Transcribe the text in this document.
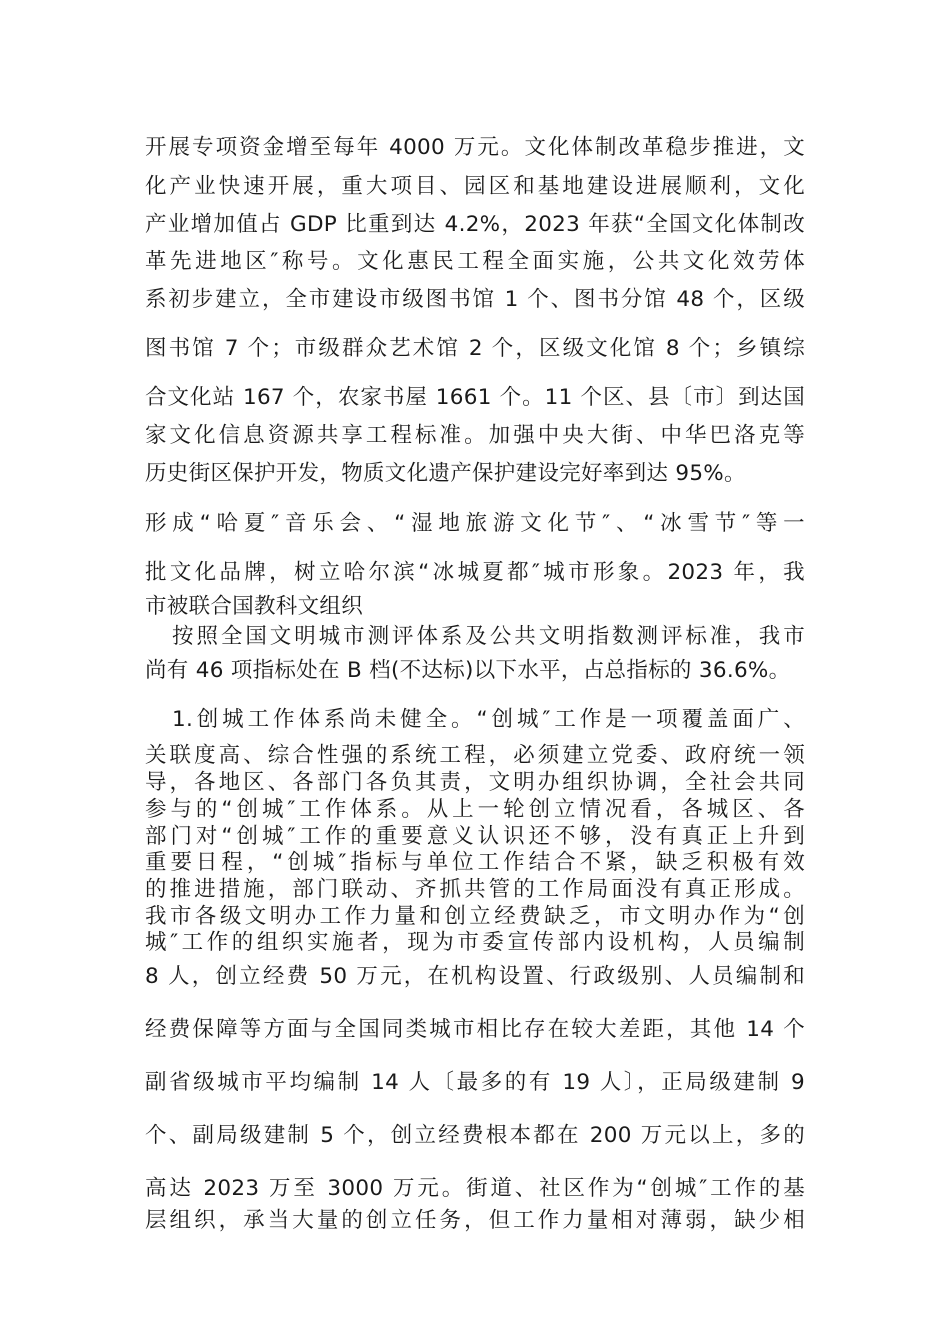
开展专项资金增至每年 4000 万元。文化体制改革稳步推进，文

化产业快速开展，重大项目、园区和基地建设进展顺利，文化

产业增加值占 GDP 比重到达 4.2%，2023 年获“全国文化体制改

革先进地区″称号。文化惠民工程全面实施，公共文化效劳体

系初步建立，全市建设市级图书馆 1 个、图书分馆 48 个，区级

图书馆 7 个；市级群众艺术馆 2 个，区级文化馆 8 个；乡镇综

合文化站 167 个，农家书屋 1661 个。11 个区、县〔市〕到达国

家文化信息资源共享工程标准。加强中央大街、中华巴洛克等

历史街区保护开发，物质文化遗产保护建设完好率到达 95%。

形成“哈夏″音乐会、“湿地旅游文化节″、“冰雪节″等一

批文化品牌，树立哈尔滨“冰城夏都″城市形象。2023 年，我

市被联合国教科文组织

按照全国文明城市测评体系及公共文明指数测评标准，我市

尚有 46 项指标处在 B 档(不达标)以下水平，占总指标的 36.6%。

1.创城工作体系尚未健全。“创城″工作是一项覆盖面广、

关联度高、综合性强的系统工程，必须建立党委、政府统一领

导，各地区、各部门各负其责，文明办组织协调，全社会共同

参与的“创城″工作体系。从上一轮创立情况看，各城区、各

部门对“创城″工作的重要意义认识还不够，没有真正上升到

重要日程，“创城″指标与单位工作结合不紧，缺乏积极有效

的推进措施，部门联动、齐抓共管的工作局面没有真正形成。

我市各级文明办工作力量和创立经费缺乏，市文明办作为“创

城″工作的组织实施者，现为市委宣传部内设机构，人员编制

8 人，创立经费 50 万元，在机构设置、行政级别、人员编制和

经费保障等方面与全国同类城市相比存在较大差距，其他 14 个

副省级城市平均编制 14 人〔最多的有 19 人〕，正局级建制 9

个、副局级建制 5 个，创立经费根本都在 200 万元以上，多的

高达 2023 万至 3000 万元。街道、社区作为“创城″工作的基

层组织，承当大量的创立任务，但工作力量相对薄弱，缺少相
